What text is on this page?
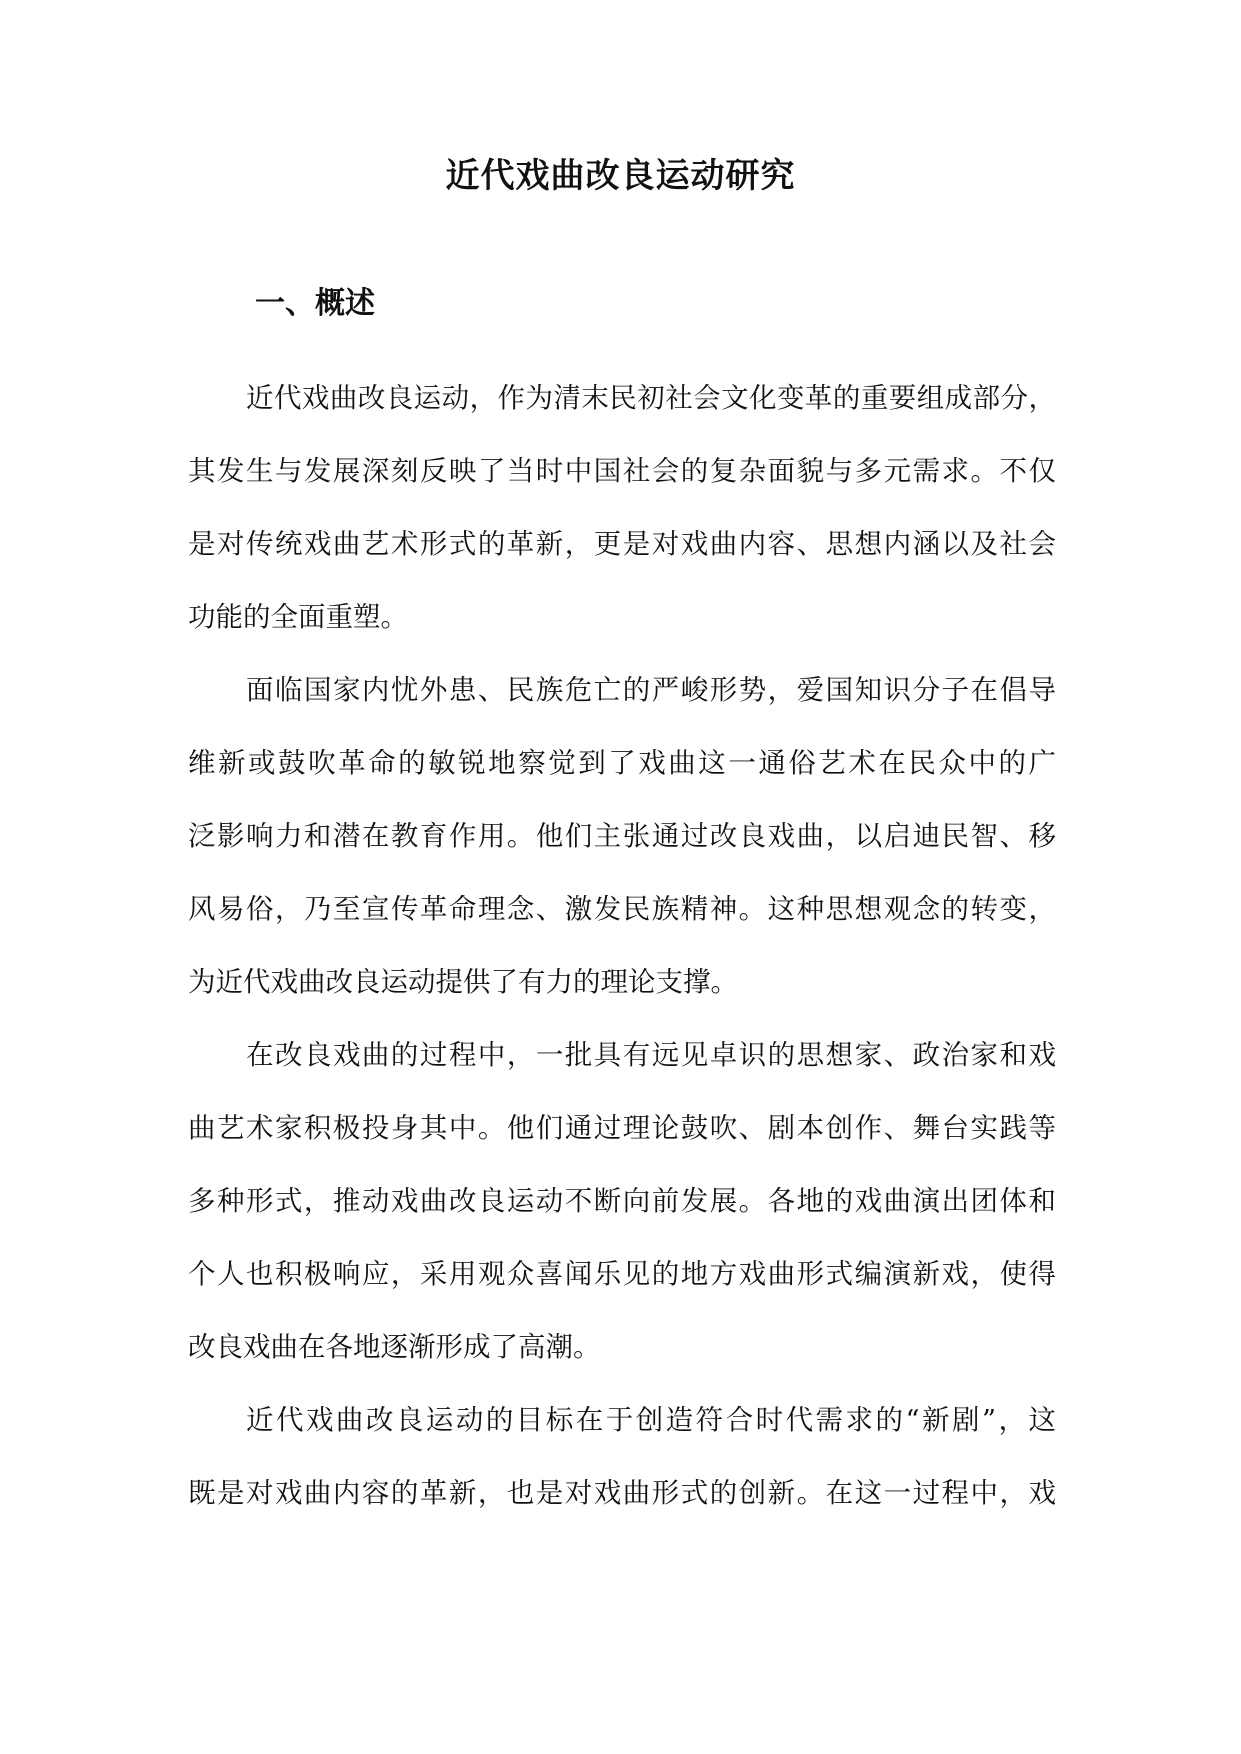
近代戏曲改良运动研究
一、概述

近代戏曲改良运动，作为清末民初社会文化变革的重要组成部分，
其发生与发展深刻反映了当时中国社会的复杂面貌与多元需求。不仅
是对传统戏曲艺术形式的革新，更是对戏曲内容、思想内涵以及社会
功能的全面重塑。

面临国家内忧外患、民族危亡的严峻形势，爱国知识分子在倡导
维新或鼓吹革命的敏锐地察觉到了戏曲这一通俗艺术在民众中的广
泛影响力和潜在教育作用。他们主张通过改良戏曲，以启迪民智、移
风易俗，乃至宣传革命理念、激发民族精神。这种思想观念的转变，
为近代戏曲改良运动提供了有力的理论支撑。

在改良戏曲的过程中，一批具有远见卓识的思想家、政治家和戏
曲艺术家积极投身其中。他们通过理论鼓吹、剧本创作、舞台实践等
多种形式，推动戏曲改良运动不断向前发展。各地的戏曲演出团体和
个人也积极响应，采用观众喜闻乐见的地方戏曲形式编演新戏，使得
改良戏曲在各地逐渐形成了高潮。

近代戏曲改良运动的目标在于创造符合时代需求的“新剧”，这
既是对戏曲内容的革新，也是对戏曲形式的创新。在这一过程中，戏
